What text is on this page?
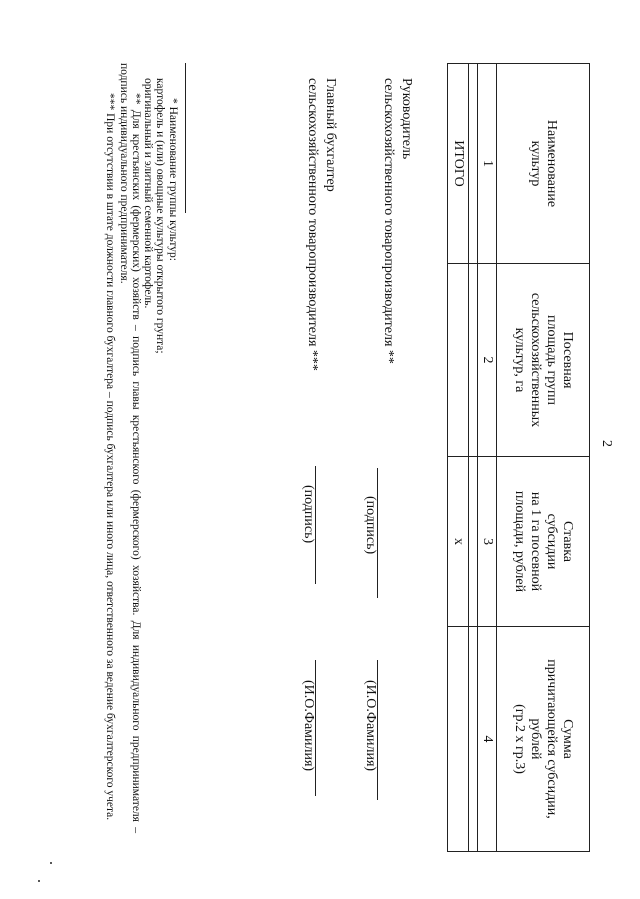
2
Наименование
культур	Посевная
площадь групп
сельскохозяйственных
культур, га	Ставка
субсидии
на 1 га посевной
площади, рублей	Сумма
причитающейся субсидии,
рублей
(гр.2 х гр.3)
1	2	3	4

ИТОГО		х	
Руководитель
сельскохозяйственного товаропроизводителя **
(подпись)
(И.О.Фамилия)
Главный бухгалтер
сельскохозяйственного товаропроизводителя ***
(подпись)
(И.О.Фамилия)
* Наименование группы культур:
картофель и (или) овощные культуры открытого грунта;
оригинальный и элитный семенной картофель.
** Для крестьянских (фермерских) хозяйств – подпись главы крестьянского (фермерского) хозяйства. Для индивидуального предпринимателя – подпись индивидуального предпринимателя.
*** При отсутствии в штате должности главного бухгалтера – подпись бухгалтера или иного лица, ответственного за ведение бухгалтерского учета.
